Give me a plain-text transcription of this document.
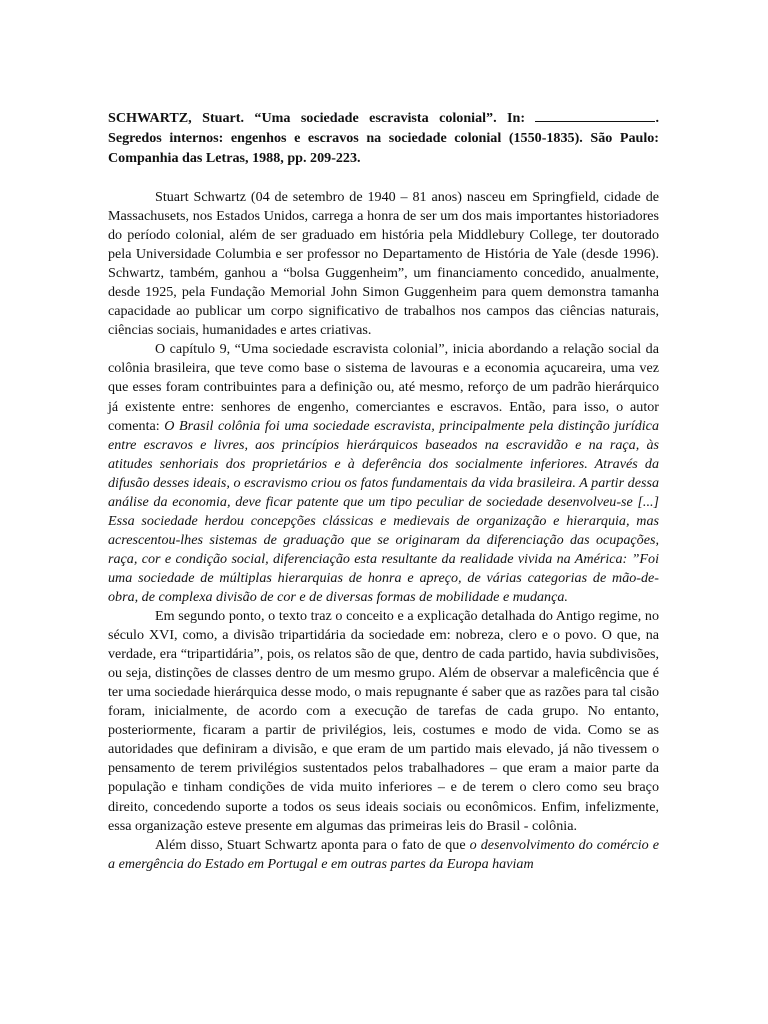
SCHWARTZ, Stuart. “Uma sociedade escravista colonial”. In:	. Segredos internos: engenhos e escravos na sociedade colonial (1550-1835). São Paulo: Companhia das Letras, 1988, pp. 209-223.

Stuart Schwartz (04 de setembro de 1940 – 81 anos) nasceu em Springfield, cidade de Massachusets, nos Estados Unidos, carrega a honra de ser um dos mais importantes historiadores do período colonial, além de ser graduado em história pela Middlebury College, ter doutorado pela Universidade Columbia e ser professor no Departamento de História de Yale (desde 1996). Schwartz, também, ganhou a “bolsa Guggenheim”, um financiamento concedido, anualmente, desde 1925, pela Fundação Memorial John Simon Guggenheim para quem demonstra tamanha capacidade ao publicar um corpo significativo de trabalhos nos campos das ciências naturais, ciências sociais, humanidades e artes criativas.

O capítulo 9, “Uma sociedade escravista colonial”, inicia abordando a relação social da colônia brasileira, que teve como base o sistema de lavouras e a economia açucareira, uma vez que esses foram contribuintes para a definição ou, até mesmo, reforço de um padrão hierárquico já existente entre: senhores de engenho, comerciantes e escravos. Então, para isso, o autor comenta: O Brasil colônia foi uma sociedade escravista, principalmente pela distinção jurídica entre escravos e livres, aos princípios hierárquicos baseados na escravidão e na raça, às atitudes senhoriais dos proprietários e à deferência dos socialmente inferiores. Através da difusão desses ideais, o escravismo criou os fatos fundamentais da vida brasileira. A partir dessa análise da economia, deve ficar patente que um tipo peculiar de sociedade desenvolveu-se [...] Essa sociedade herdou concepções clássicas e medievais de organização e hierarquia, mas acrescentou-lhes sistemas de graduação que se originaram da diferenciação das ocupações, raça, cor e condição social, diferenciação esta resultante da realidade vivida na América: ”Foi uma sociedade de múltiplas hierarquias de honra e apreço, de várias categorias de mão-de-obra, de complexa divisão de cor e de diversas formas de mobilidade e mudança.

Em segundo ponto, o texto traz o conceito e a explicação detalhada do Antigo regime, no século XVI, como, a divisão tripartidária da sociedade em: nobreza, clero e o povo. O que, na verdade, era “tripartidária”, pois, os relatos são de que, dentro de cada partido, havia subdivisões, ou seja, distinções de classes dentro de um mesmo grupo. Além de observar a maleficência que é ter uma sociedade hierárquica desse modo, o mais repugnante é saber que as razões para tal cisão foram, inicialmente, de acordo com a execução de tarefas de cada grupo. No entanto, posteriormente, ficaram a partir de privilégios, leis, costumes e modo de vida. Como se as autoridades que definiram a divisão, e que eram de um partido mais elevado, já não tivessem o pensamento de terem privilégios sustentados pelos trabalhadores – que eram a maior parte da população e tinham condições de vida muito inferiores – e de terem o clero como seu braço direito, concedendo suporte a todos os seus ideais sociais ou econômicos. Enfim, infelizmente, essa organização esteve presente em algumas das primeiras leis do Brasil - colônia.

Além disso, Stuart Schwartz aponta para o fato de que o desenvolvimento do comércio e a emergência do Estado em Portugal e em outras partes da Europa haviam
